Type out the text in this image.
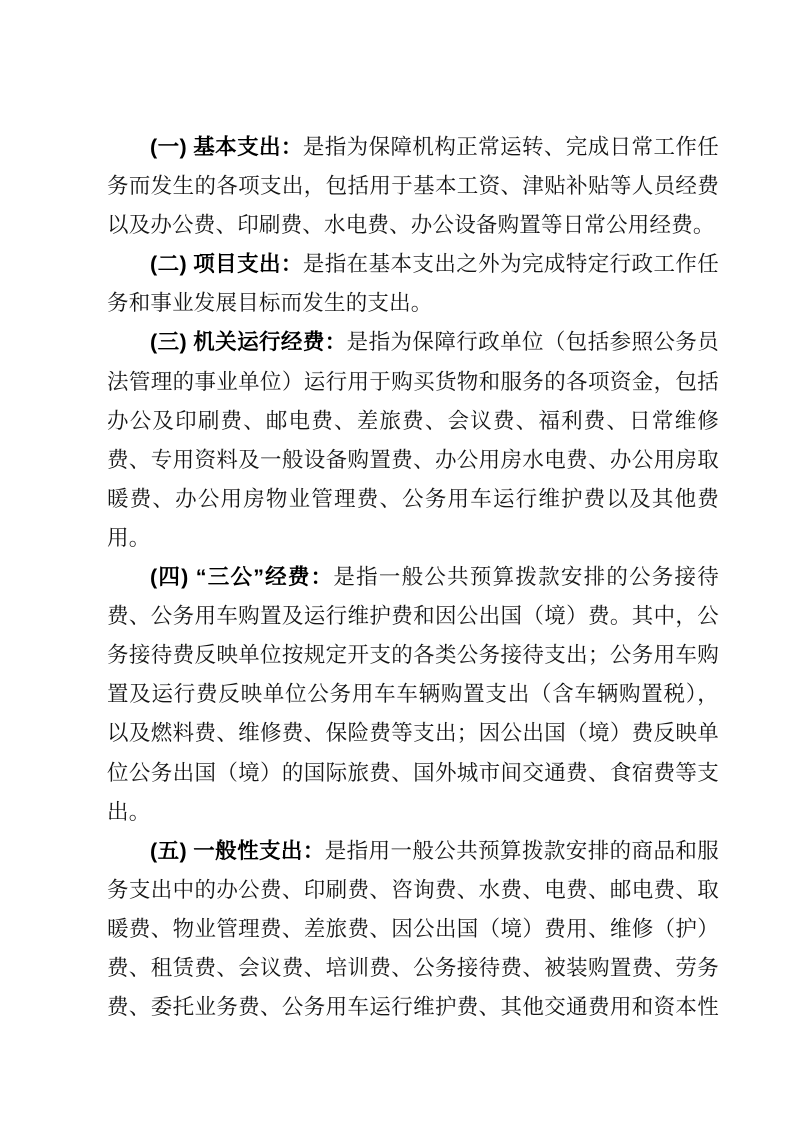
(一) 基本支出：是指为保障机构正常运转、完成日常工作任务而发生的各项支出，包括用于基本工资、津贴补贴等人员经费以及办公费、印刷费、水电费、办公设备购置等日常公用经费。

(二) 项目支出：是指在基本支出之外为完成特定行政工作任务和事业发展目标而发生的支出。

(三) 机关运行经费：是指为保障行政单位（包括参照公务员法管理的事业单位）运行用于购买货物和服务的各项资金，包括办公及印刷费、邮电费、差旅费、会议费、福利费、日常维修费、专用资料及一般设备购置费、办公用房水电费、办公用房取暖费、办公用房物业管理费、公务用车运行维护费以及其他费用。

(四) “三公”经费：是指一般公共预算拨款安排的公务接待费、公务用车购置及运行维护费和因公出国（境）费。其中，公务接待费反映单位按规定开支的各类公务接待支出；公务用车购置及运行费反映单位公务用车车辆购置支出（含车辆购置税），以及燃料费、维修费、保险费等支出；因公出国（境）费反映单位公务出国（境）的国际旅费、国外城市间交通费、食宿费等支出。

(五) 一般性支出：是指用一般公共预算拨款安排的商品和服务支出中的办公费、印刷费、咨询费、水费、电费、邮电费、取暖费、物业管理费、差旅费、因公出国（境）费用、维修（护）费、租赁费、会议费、培训费、公务接待费、被装购置费、劳务费、委托业务费、公务用车运行维护费、其他交通费用和资本性
